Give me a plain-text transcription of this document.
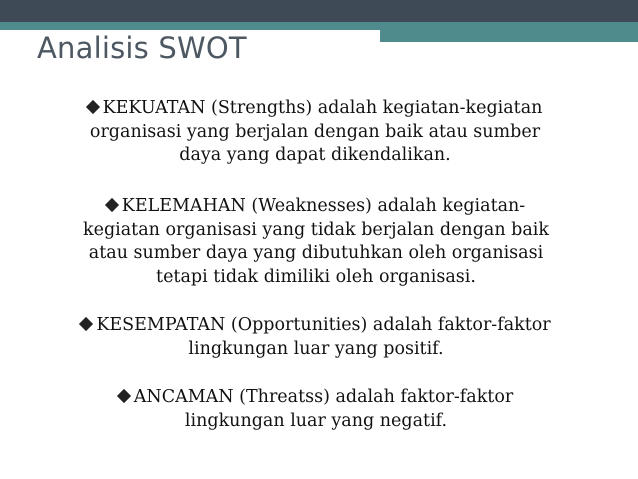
Analisis SWOT
KEKUATAN (Strengths) adalah kegiatan-kegiatan
organisasi yang berjalan dengan baik atau sumber
daya yang dapat dikendalikan.
KELEMAHAN (Weaknesses) adalah kegiatan-
kegiatan organisasi yang tidak berjalan dengan baik
atau sumber daya yang dibutuhkan oleh organisasi
tetapi tidak dimiliki oleh organisasi.
KESEMPATAN (Opportunities) adalah faktor-faktor
lingkungan luar yang positif.
ANCAMAN (Threatss) adalah faktor-faktor
lingkungan luar yang negatif.
